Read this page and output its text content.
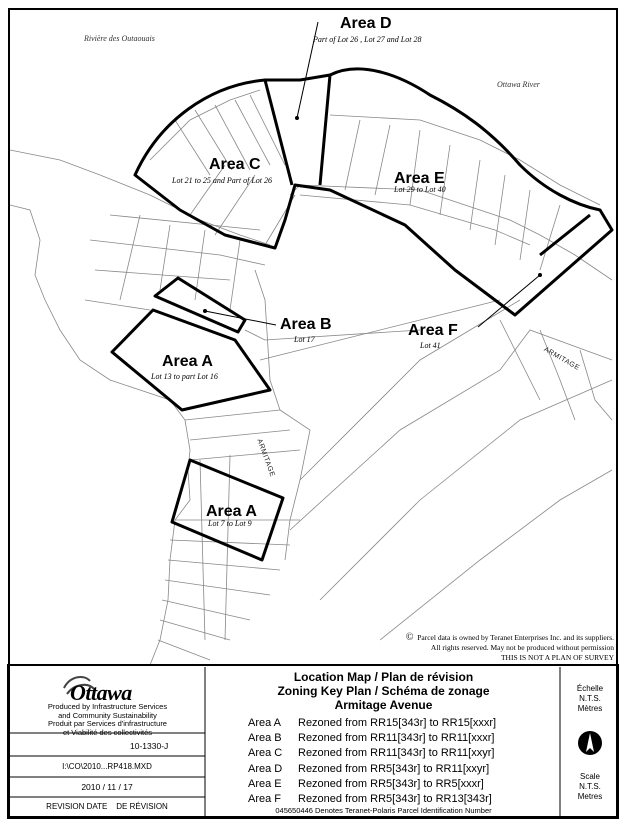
Rivière des Outaouais
Ottawa River
Area D
Part of Lot 26 , Lot 27 and Lot 28
Area C
Lot 21 to 25 and Part of Lot 26	Area E
Lot 29 to Lot 40
Area B
Lot 17
Area F
Lot 41
Area A
Lot 13 to part Lot 16
Area A
Lot 7 to Lot 9
ARMITAGE
ARMITAGE
© Parcel data is owned by Teranet Enterprises Inc. and its suppliers.
All rights reserved. May not be produced without permission
THIS IS NOT A PLAN OF SURVEY
Ottawa
Produced by Infrastructure Services
and Community Sustainability
Produit par Services d'infrastructure
et Viabilité des collectivités
10-1330-J
I:\CO\2010...RP418.MXD
2010 / 11 / 17
REVISION DATE    DE RÉVISION
Location Map / Plan de révision
Zoning Key Plan / Schéma de zonage
Armitage Avenue
Area A Rezoned from RR15[343r] to RR15[xxxr]
Area B Rezoned from RR11[343r] to RR11[xxxr]
Area C Rezoned from RR11[343r] to RR11[xxyr]
Area D Rezoned from RR5[343r] to RR11[xxyr]
Area E Rezoned from RR5[343r] to RR5[xxxr]
Area F Rezoned from RR5[343r] to RR13[343r]
045650446 Denotes Teranet-Polaris Parcel Identification Number
Échelle
N.T.S.
Mètres
Scale
N.T.S.
Metres
